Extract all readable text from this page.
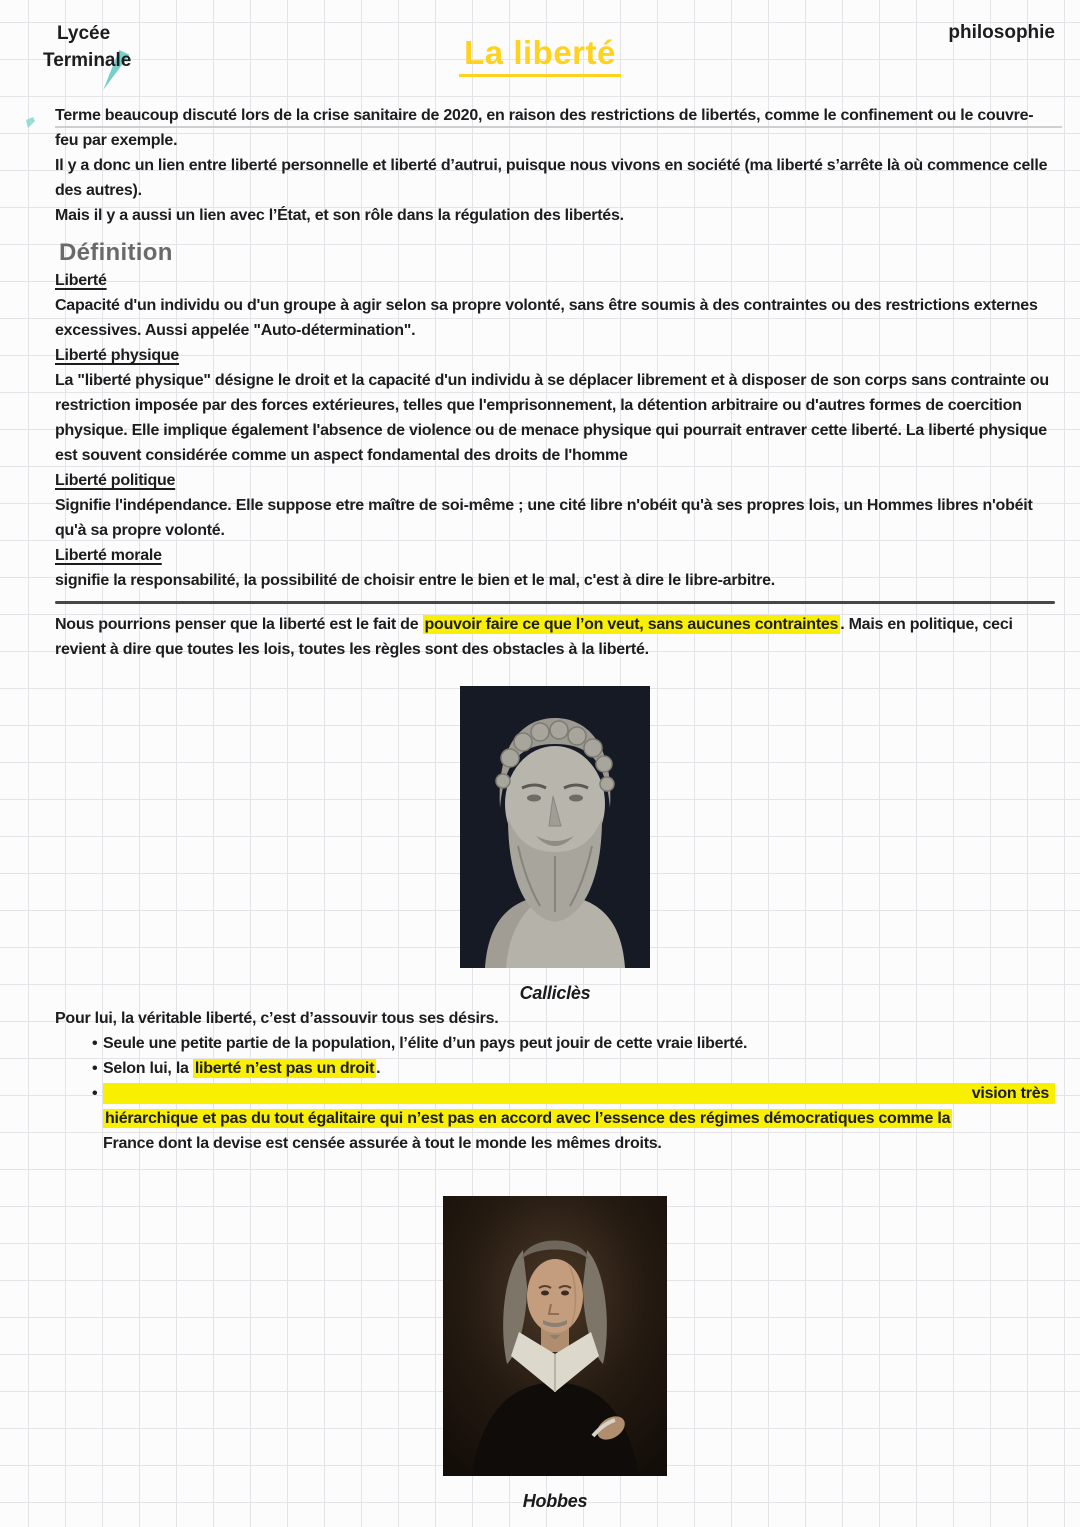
Lycée
Terminale
philosophie
La liberté

Terme beaucoup discuté lors de la crise sanitaire de 2020, en raison des restrictions de libertés, comme le confinement ou le couvre-feu par exemple.

Il y a donc un lien entre liberté personnelle et liberté d’autrui, puisque nous vivons en société (ma liberté s’arrête là où commence celle des autres).

Mais il y a aussi un lien avec l’État, et son rôle dans la régulation des libertés.

Définition
Liberté
Capacité d'un individu ou d'un groupe à agir selon sa propre volonté, sans être soumis à des contraintes ou des restrictions externes excessives. Aussi appelée "Auto-détermination".
Liberté physique
La "liberté physique" désigne le droit et la capacité d'un individu à se déplacer librement et à disposer de son corps sans contrainte ou restriction imposée par des forces extérieures, telles que l'emprisonnement, la détention arbitraire ou d'autres formes de coercition physique. Elle implique également l'absence de violence ou de menace physique qui pourrait entraver cette liberté. La liberté physique est souvent considérée comme un aspect fondamental des droits de l'homme
Liberté politique
Signifie l'indépendance. Elle suppose etre maître de soi-même ; une cité libre n'obéit qu'à ses propres lois, un Hommes libres n'obéit qu'à sa propre volonté.
Liberté morale
signifie la responsabilité, la possibilité de choisir entre le bien et le mal, c'est à dire le libre-arbitre.

Nous pourrions penser que la liberté est le fait de pouvoir faire ce que l’on veut, sans aucunes contraintes . Mais en politique, ceci revient à dire que toutes les lois, toutes les règles sont des obstacles à la liberté.

Calliclès

Pour lui, la véritable liberté, c’est d’assouvir tous ses désirs.

• Seule une petite partie de la population, l’élite d’un pays peut jouir de cette vraie liberté.

• Selon lui, la liberté n’est pas un droit .

•	vision très
hiérarchique et pas du tout égalitaire qui n’est pas en accord avec l’essence des régimes démocratiques comme la
France dont la devise est censée assurée à tout le monde les mêmes droits.
Hobbes
